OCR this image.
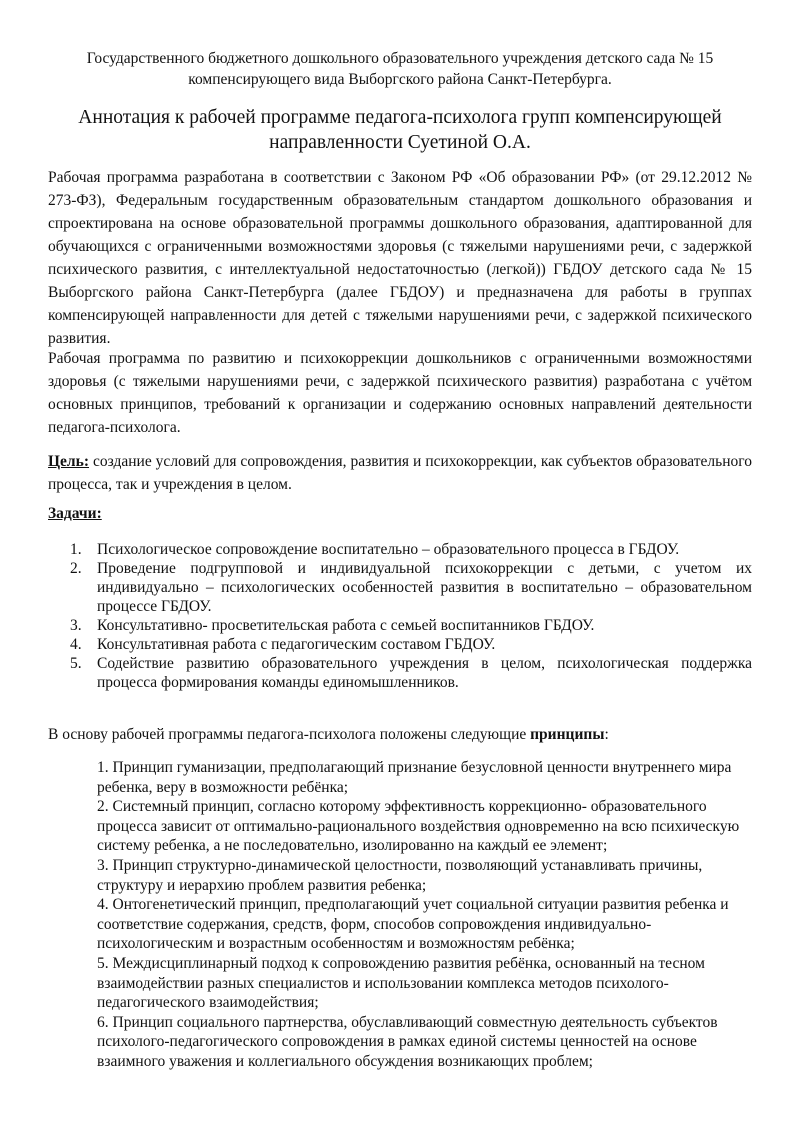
Государственного бюджетного дошкольного образовательного учреждения детского сада № 15
компенсирующего вида Выборгского района Санкт-Петербурга.
Аннотация к рабочей программе педагога-психолога групп компенсирующей
направленности Суетиной О.А.

Рабочая программа разработана в соответствии с Законом РФ «Об образовании РФ» (от 29.12.2012 № 273-ФЗ), Федеральным государственным образовательным стандартом дошкольного образования и спроектирована на основе образовательной программы дошкольного образования, адаптированной для обучающихся с ограниченными возможностями здоровья (с тяжелыми нарушениями речи, с задержкой психического развития, с интеллектуальной недостаточностью (легкой)) ГБДОУ детского сада № 15 Выборгского района Санкт-Петербурга (далее ГБДОУ) и предназначена для работы в группах компенсирующей направленности для детей с тяжелыми нарушениями речи, с задержкой психического развития.

Рабочая программа по развитию и психокоррекции дошкольников с ограниченными возможностями здоровья (с тяжелыми нарушениями речи, с задержкой психического развития) разработана с учётом основных принципов, требований к организации и содержанию основных направлений деятельности педагога-психолога.

Цель: создание условий для сопровождения, развития и психокоррекции, как субъектов образовательного процесса, так и учреждения в целом.

Задачи:
1. Психологическое сопровождение воспитательно – образовательного процесса в ГБДОУ.
2. Проведение подгрупповой и индивидуальной психокоррекции с детьми, с учетом их индивидуально – психологических особенностей развития в воспитательно – образовательном процессе ГБДОУ.
3. Консультативно- просветительская работа с семьей воспитанников ГБДОУ.
4. Консультативная работа с педагогическим составом ГБДОУ.
5. Содействие развитию образовательного учреждения в целом, психологическая поддержка процесса формирования команды единомышленников.

В основу рабочей программы педагога-психолога положены следующие принципы:

1. Принцип гуманизации, предполагающий признание безусловной ценности внутреннего мира ребенка, веру в возможности ребёнка;
2. Системный принцип, согласно которому эффективность коррекционно- образовательного процесса зависит от оптимально-рационального воздействия одновременно на всю психическую систему ребенка, а не последовательно, изолированно на каждый ее элемент;
3. Принцип структурно-динамической целостности, позволяющий устанавливать причины, структуру и иерархию проблем развития ребенка;
4. Онтогенетический принцип, предполагающий учет социальной ситуации развития ребенка и соответствие содержания, средств, форм, способов сопровождения индивидуально-психологическим и возрастным особенностям и возможностям ребёнка;
5. Междисциплинарный подход к сопровождению развития ребёнка, основанный на тесном взаимодействии разных специалистов и использовании комплекса методов психолого-педагогического взаимодействия;
6. Принцип социального партнерства, обуславливающий совместную деятельность субъектов психолого-педагогического сопровождения в рамках единой системы ценностей на основе взаимного уважения и коллегиального обсуждения возникающих проблем;
